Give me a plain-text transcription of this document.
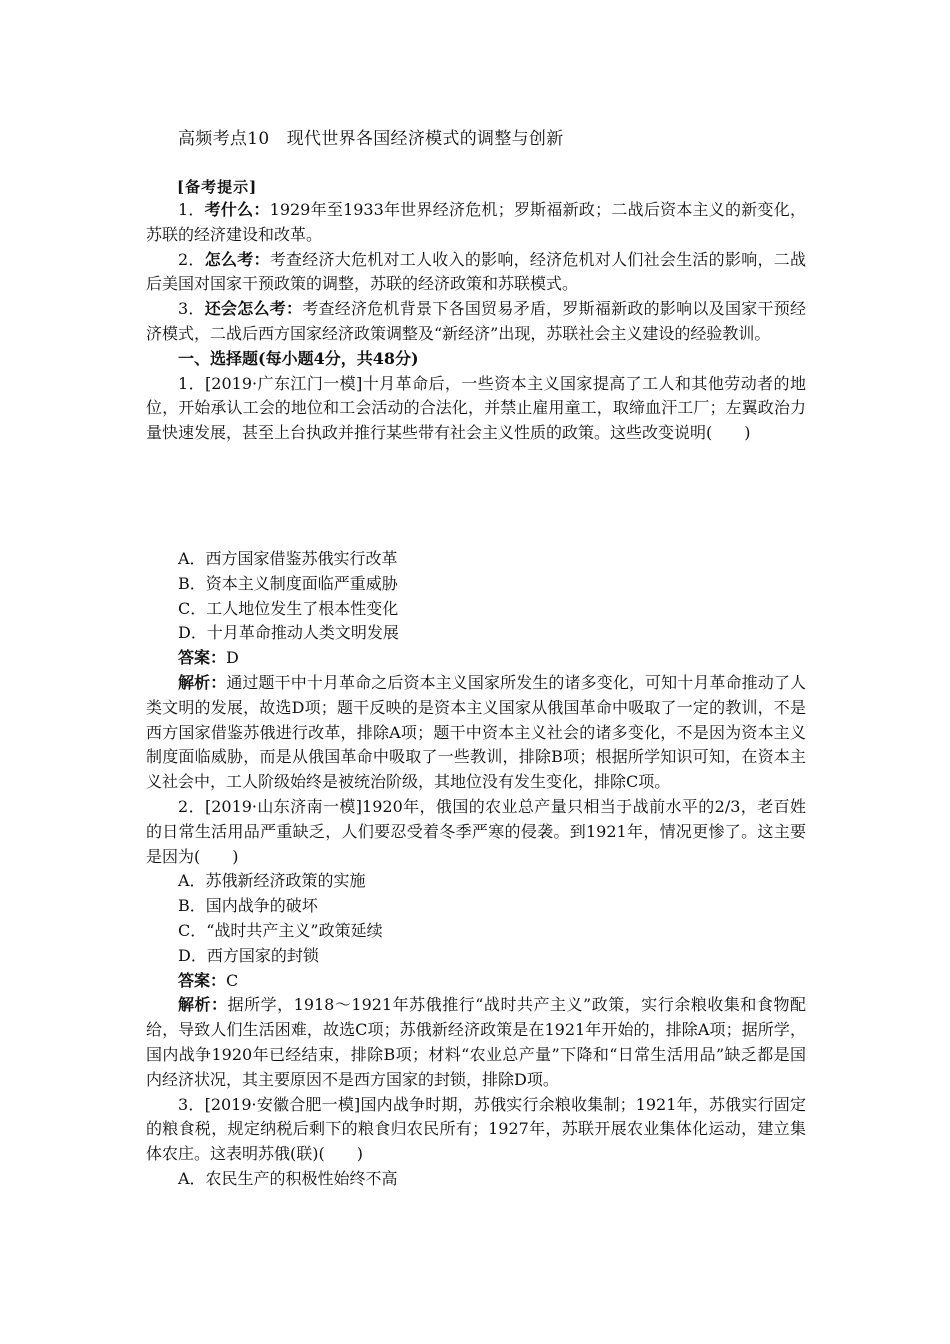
高频考点10　现代世界各国经济模式的调整与创新
[备考提示]

1．考什么：1929年至1933年世界经济危机；罗斯福新政；二战后资本主义的新变化，苏联的经济建设和改革。

2．怎么考：考查经济大危机对工人收入的影响，经济危机对人们社会生活的影响，二战后美国对国家干预政策的调整，苏联的经济政策和苏联模式。

3．还会怎么考：考查经济危机背景下各国贸易矛盾，罗斯福新政的影响以及国家干预经济模式，二战后西方国家经济政策调整及“新经济”出现，苏联社会主义建设的经验教训。

一、选择题(每小题4分，共48分)

1．[2019·广东江门一模]十月革命后，一些资本主义国家提高了工人和其他劳动者的地位，开始承认工会的地位和工会活动的合法化，并禁止雇用童工，取缔血汗工厂；左翼政治力量快速发展，甚至上台执政并推行某些带有社会主义性质的政策。这些改变说明(　　)

A．西方国家借鉴苏俄实行改革

B．资本主义制度面临严重威胁

C．工人地位发生了根本性变化

D．十月革命推动人类文明发展

答案：D

解析：通过题干中十月革命之后资本主义国家所发生的诸多变化，可知十月革命推动了人类文明的发展，故选D项；题干反映的是资本主义国家从俄国革命中吸取了一定的教训，不是西方国家借鉴苏俄进行改革，排除A项；题干中资本主义社会的诸多变化，不是因为资本主义制度面临威胁，而是从俄国革命中吸取了一些教训，排除B项；根据所学知识可知，在资本主义社会中，工人阶级始终是被统治阶级，其地位没有发生变化，排除C项。

2．[2019·山东济南一模]1920年，俄国的农业总产量只相当于战前水平的2/3，老百姓的日常生活用品严重缺乏，人们要忍受着冬季严寒的侵袭。到1921年，情况更惨了。这主要是因为(　　)

A．苏俄新经济政策的实施

B．国内战争的破坏

C．“战时共产主义”政策延续

D．西方国家的封锁

答案：C

解析：据所学，1918～1921年苏俄推行“战时共产主义”政策，实行余粮收集和食物配给，导致人们生活困难，故选C项；苏俄新经济政策是在1921年开始的，排除A项；据所学，国内战争1920年已经结束，排除B项；材料“农业总产量”下降和“日常生活用品”缺乏都是国内经济状况，其主要原因不是西方国家的封锁，排除D项。

3．[2019·安徽合肥一模]国内战争时期，苏俄实行余粮收集制；1921年，苏俄实行固定的粮食税，规定纳税后剩下的粮食归农民所有；1927年，苏联开展农业集体化运动，建立集体农庄。这表明苏俄(联)(　　)

A．农民生产的积极性始终不高
